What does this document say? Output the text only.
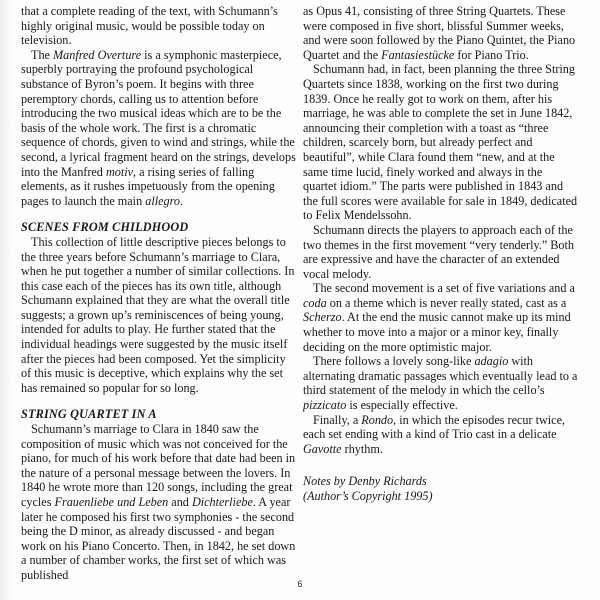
that a complete reading of the text, with Schumann’s highly original music, would be possible today on television.

The Manfred Overture is a symphonic masterpiece, superbly portraying the profound psychological substance of Byron’s poem. It begins with three peremptory chords, calling us to attention before introducing the two musical ideas which are to be the basis of the whole work. The first is a chromatic sequence of chords, given to wind and strings, while the second, a lyrical fragment heard on the strings, develops into the Manfred motiv, a rising series of falling elements, as it rushes impetuously from the opening pages to launch the main allegro.

SCENES FROM CHILDHOOD

This collection of little descriptive pieces belongs to the three years before Schumann’s marriage to Clara, when he put together a number of similar collections. In this case each of the pieces has its own title, although Schumann explained that they are what the overall title suggests; a grown up’s reminiscences of being young, intended for adults to play. He further stated that the individual headings were suggested by the music itself after the pieces had been composed. Yet the simplicity of this music is deceptive, which explains why the set has remained so popular for so long.

STRING QUARTET IN A

Schumann’s marriage to Clara in 1840 saw the composition of music which was not conceived for the piano, for much of his work before that date had been in the nature of a personal message between the lovers. In 1840 he wrote more than 120 songs, including the great cycles Frauenliebe und Leben and Dichterliebe. A year later he composed his first two symphonies - the second being the D minor, as already discussed - and began work on his Piano Concerto. Then, in 1842, he set down a number of chamber works, the first set of which was published

as Opus 41, consisting of three String Quartets. These were composed in five short, blissful Summer weeks, and were soon followed by the Piano Quintet, the Piano Quartet and the Fantasiestücke for Piano Trio.

Schumann had, in fact, been planning the three String Quartets since 1838, working on the first two during 1839. Once he really got to work on them, after his marriage, he was able to complete the set in June 1842, announcing their completion with a toast as “three children, scarcely born, but already perfect and beautiful”, while Clara found them “new, and at the same time lucid, finely worked and always in the quartet idiom.” The parts were published in 1843 and the full scores were available for sale in 1849, dedicated to Felix Mendelssohn.

Schumann directs the players to approach each of the two themes in the first movement “very tenderly.” Both are expressive and have the character of an extended vocal melody.

The second movement is a set of five variations and a coda on a theme which is never really stated, cast as a Scherzo. At the end the music cannot make up its mind whether to move into a major or a minor key, finally deciding on the more optimistic major.

There follows a lovely song-like adagio with alternating dramatic passages which eventually lead to a third statement of the melody in which the cello’s pizzicato is especially effective.

Finally, a Rondo, in which the episodes recur twice, each set ending with a kind of Trio cast in a delicate Gavotte rhythm.

Notes by Denby Richards
(Author’s Copyright 1995)
6
